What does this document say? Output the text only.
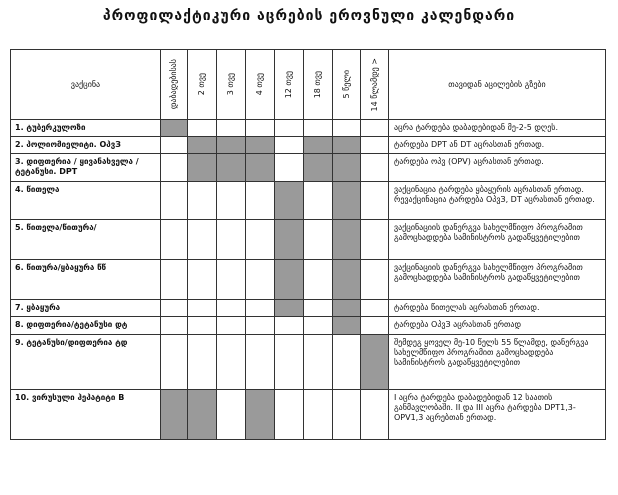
პროფილაქტიკური აცრების ეროვნული კალენდარი
ვაქცინა	დაბადებისას	2 თვე	3 თვე	4 თვე	12 თვე	18 თვე	5 წელი	14 წლამდე >	თავიდან აცილების გზები
1. ტუბერკულოზი									აცრა ტარდება დაბადებიდან მე-2-5 დღეს.
2. პოლიომიელიტი. ОპვЗ									ტარდება DPT ან DT აცრასთან ერთად.
3. დიფთერია / ყივანახველა / ტეტანუსი. DPT									ტარდება ოპვ (OPV) აცრასთან ერთად.
4. წითელა									ვაქცინაცია ტარდება ყბაყურის აცრასთან ერთად. რევაქცინაცია ტარდება ОპვЗ, DT აცრასთან ერთად.
5. წითელა/წითურა/									ვაქცინაციის დანერგვა სახელმწიფო პროგრამით გამოცხადდება სამინისტროს გადაწყვეტილებით
6. წითურა/ყბაყურა წწ									ვაქცინაციის დანერგვა სახელმწიფო პროგრამით გამოცხადდება სამინისტროს გადაწყვეტილებით
7. ყბაყურა									ტარდება წითელას აცრასთან ერთად.
8. დიფთერია/ტეტანუსი დტ									ტარდება ОპვЗ აცრასთან ერთად
9. ტეტანუსი/დიფთერია ტდ									შემდეგ ყოველ მე-10 წელს 55 წლამდე, დანერგვა სახელმწიფო პროგრამით გამოცხადდება სამინისტროს გადაწყვეტილებით
10. ვირუსული ჰეპატიტი B									I აცრა ტარდება დაბადებიდან 12 საათის განმავლობაში. II და III აცრა ტარდება DPT1,3-OPV1,3 აცრებთან ერთად.
